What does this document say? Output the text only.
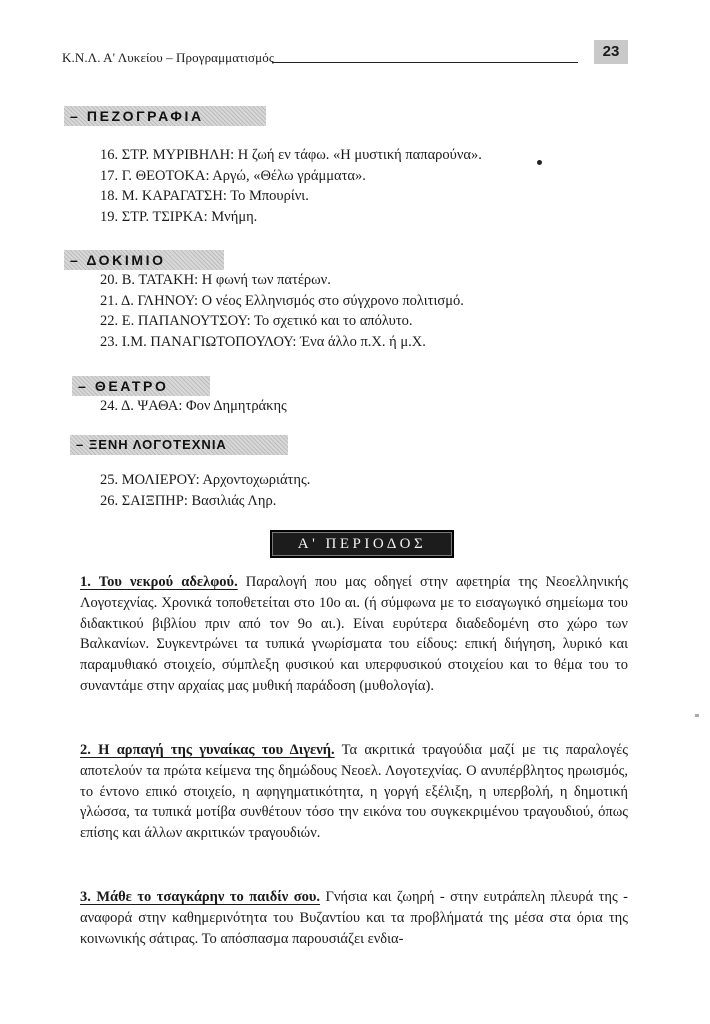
Κ.Ν.Λ. Α' Λυκείου – Προγραμματισμός	23
– ΠΕΖΟΓΡΑΦΙΑ
16. ΣΤΡ. ΜΥΡΙΒΗΛΗ: Η ζωή εν τάφω. «Η μυστική παπαρούνα».
17. Γ. ΘΕΟΤΟΚΑ: Αργώ, «Θέλω γράμματα».
18. Μ. ΚΑΡΑΓΑΤΣΗ: Το Μπουρίνι.
19. ΣΤΡ. ΤΣΙΡΚΑ: Μνήμη.
– ΔΟΚΙΜΙΟ
20. Β. ΤΑΤΑΚΗ: Η φωνή των πατέρων.
21. Δ. ΓΛΗΝΟΥ: Ο νέος Ελληνισμός στο σύγχρονο πολιτισμό.
22. Ε. ΠΑΠΑΝΟΥΤΣΟΥ: Το σχετικό και το απόλυτο.
23. Ι.Μ. ΠΑΝΑΓΙΩΤΟΠΟΥΛΟΥ: Ένα άλλο π.Χ. ή μ.Χ.
– ΘΕΑΤΡΟ
24. Δ. ΨΑΘΑ: Φον Δημητράκης
– ΞΕΝΗ ΛΟΓΟΤΕΧΝΙΑ
25. ΜΟΛΙΕΡΟΥ: Αρχοντοχωριάτης.
26. ΣΑΙΞΠΗΡ: Βασιλιάς Ληρ.
Α' ΠΕΡΙΟΔΟΣ

1. Του νεκρού αδελφού. Παραλογή που μας οδηγεί στην αφετηρία της Νεοελληνικής Λογοτεχνίας. Χρονικά τοποθετείται στο 10ο αι. (ή σύμφωνα με το εισαγωγικό σημείωμα του διδακτικού βιβλίου πριν από τον 9ο αι.). Είναι ευρύτερα διαδεδομένη στο χώρο των Βαλκανίων. Συγκεντρώνει τα τυπικά γνωρίσματα του είδους: επική διήγηση, λυρικό και παραμυθιακό στοιχείο, σύμπλεξη φυσικού και υπερφυσικού στοιχείου και το θέμα του το συναντάμε στην αρχαίας μας μυθική παράδοση (μυθολογία).

2. Η αρπαγή της γυναίκας του Διγενή. Τα ακριτικά τραγούδια μαζί με τις παραλογές αποτελούν τα πρώτα κείμενα της δημώδους Νεοελ. Λογοτεχνίας. Ο ανυπέρβλητος ηρωισμός, το έντονο επικό στοιχείο, η αφηγηματικότητα, η γοργή εξέλιξη, η υπερβολή, η δημοτική γλώσσα, τα τυπικά μοτίβα συνθέτουν τόσο την εικόνα του συγκεκριμένου τραγουδιού, όπως επίσης και άλλων ακριτικών τραγουδιών.

3. Μάθε το τσαγκάρην το παιδίν σου. Γνήσια και ζωηρή - στην ευτράπελη πλευρά της - αναφορά στην καθημερινότητα του Βυζαντίου και τα προβλήματά της μέσα στα όρια της κοινωνικής σάτιρας. Το απόσπασμα παρουσιάζει ενδια-
